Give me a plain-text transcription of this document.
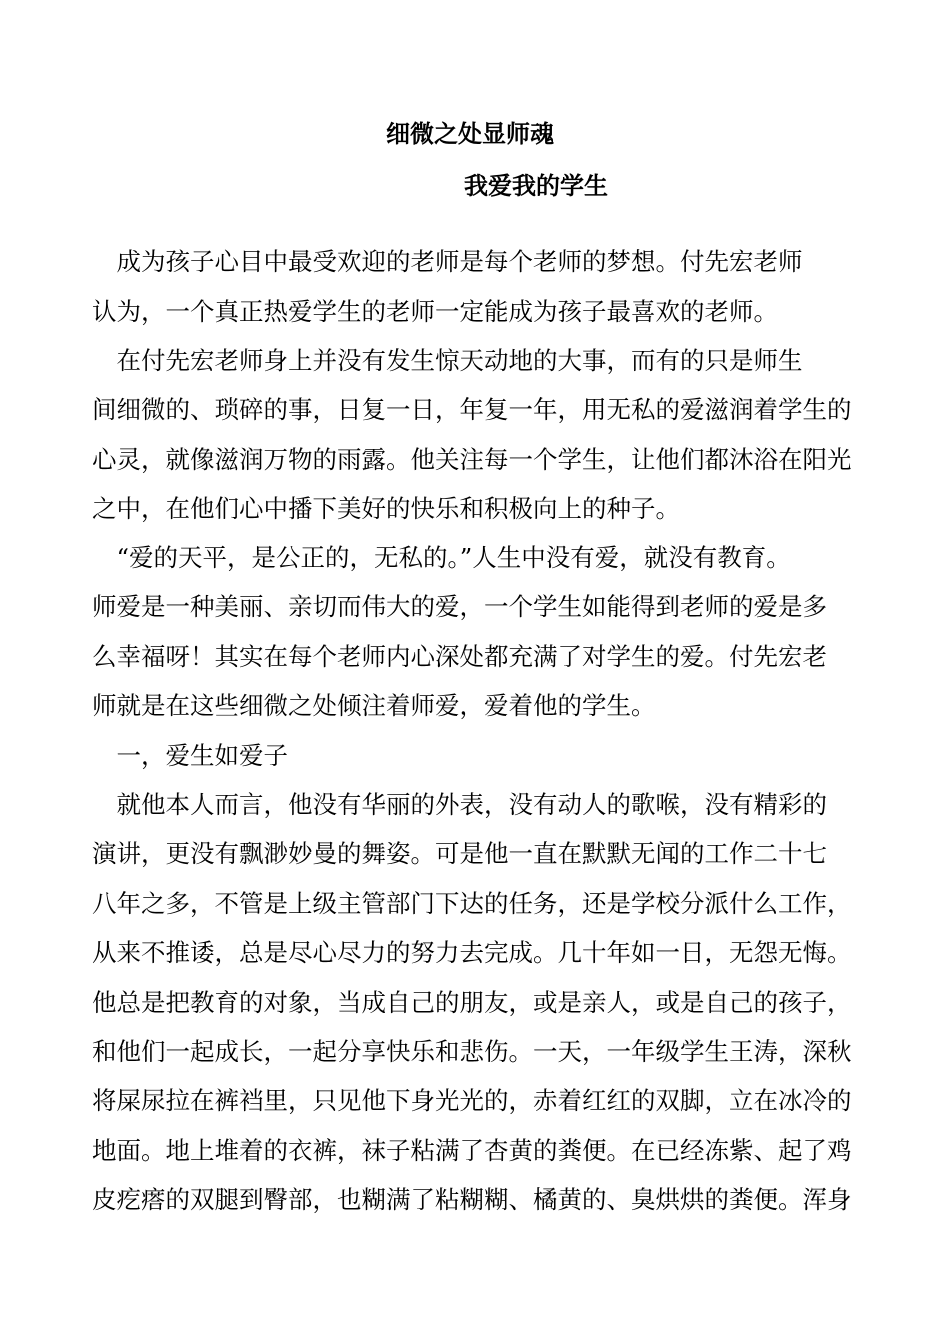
细微之处显师魂
我爱我的学生
　成为孩子心目中最受欢迎的老师是每个老师的梦想。付先宏老师
认为，一个真正热爱学生的老师一定能成为孩子最喜欢的老师。
　在付先宏老师身上并没有发生惊天动地的大事，而有的只是师生
间细微的、琐碎的事，日复一日，年复一年，用无私的爱滋润着学生的
心灵，就像滋润万物的雨露。他关注每一个学生，让他们都沐浴在阳光
之中，在他们心中播下美好的快乐和积极向上的种子。
　“爱的天平，是公正的，无私的。”人生中没有爱，就没有教育。
师爱是一种美丽、亲切而伟大的爱，一个学生如能得到老师的爱是多
么幸福呀！其实在每个老师内心深处都充满了对学生的爱。付先宏老
师就是在这些细微之处倾注着师爱，爱着他的学生。
　一，爱生如爱子
　就他本人而言，他没有华丽的外表，没有动人的歌喉，没有精彩的
演讲，更没有飘渺妙曼的舞姿。可是他一直在默默无闻的工作二十七
八年之多，不管是上级主管部门下达的任务，还是学校分派什么工作，
从来不推诿，总是尽心尽力的努力去完成。几十年如一日，无怨无悔。
他总是把教育的对象，当成自己的朋友，或是亲人，或是自己的孩子，
和他们一起成长，一起分享快乐和悲伤。一天，一年级学生王涛，深秋
将屎尿拉在裤裆里，只见他下身光光的，赤着红红的双脚，立在冰冷的
地面。地上堆着的衣裤，袜子粘满了杏黄的粪便。在已经冻紫、起了鸡
皮疙瘩的双腿到臀部，也糊满了粘糊糊、橘黄的、臭烘烘的粪便。浑身
